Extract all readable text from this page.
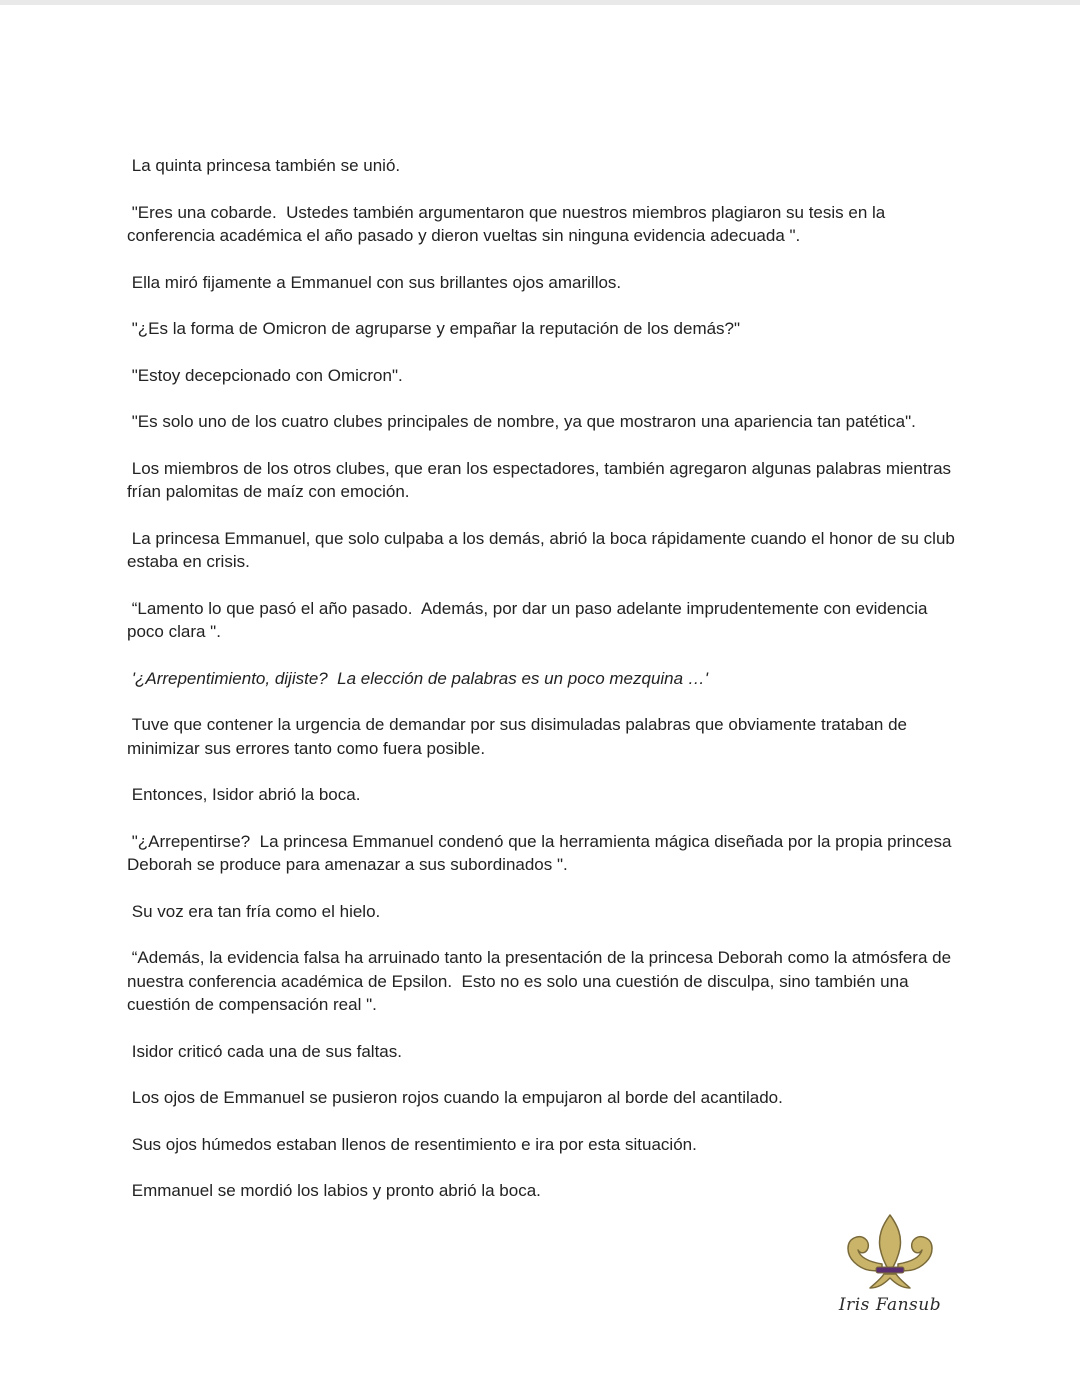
La quinta princesa también se unió.

"Eres una cobarde.  Ustedes también argumentaron que nuestros miembros plagiaron su tesis en la conferencia académica el año pasado y dieron vueltas sin ninguna evidencia adecuada ".

Ella miró fijamente a Emmanuel con sus brillantes ojos amarillos.

"¿Es la forma de Omicron de agruparse y empañar la reputación de los demás?"

"Estoy decepcionado con Omicron".

"Es solo uno de los cuatro clubes principales de nombre, ya que mostraron una apariencia tan patética".

Los miembros de los otros clubes, que eran los espectadores, también agregaron algunas palabras mientras frían palomitas de maíz con emoción.

La princesa Emmanuel, que solo culpaba a los demás, abrió la boca rápidamente cuando el honor de su club estaba en crisis.

“Lamento lo que pasó el año pasado.  Además, por dar un paso adelante imprudentemente con evidencia poco clara ".

'¿Arrepentimiento, dijiste?  La elección de palabras es un poco mezquina …'

Tuve que contener la urgencia de demandar por sus disimuladas palabras que obviamente trataban de minimizar sus errores tanto como fuera posible.

Entonces, Isidor abrió la boca.

"¿Arrepentirse?  La princesa Emmanuel condenó que la herramienta mágica diseñada por la propia princesa Deborah se produce para amenazar a sus subordinados ".

Su voz era tan fría como el hielo.

“Además, la evidencia falsa ha arruinado tanto la presentación de la princesa Deborah como la atmósfera de nuestra conferencia académica de Epsilon.  Esto no es solo una cuestión de disculpa, sino también una cuestión de compensación real ".

Isidor criticó cada una de sus faltas.

Los ojos de Emmanuel se pusieron rojos cuando la empujaron al borde del acantilado.

Sus ojos húmedos estaban llenos de resentimiento e ira por esta situación.

Emmanuel se mordió los labios y pronto abrió la boca.

Iris Fansub
